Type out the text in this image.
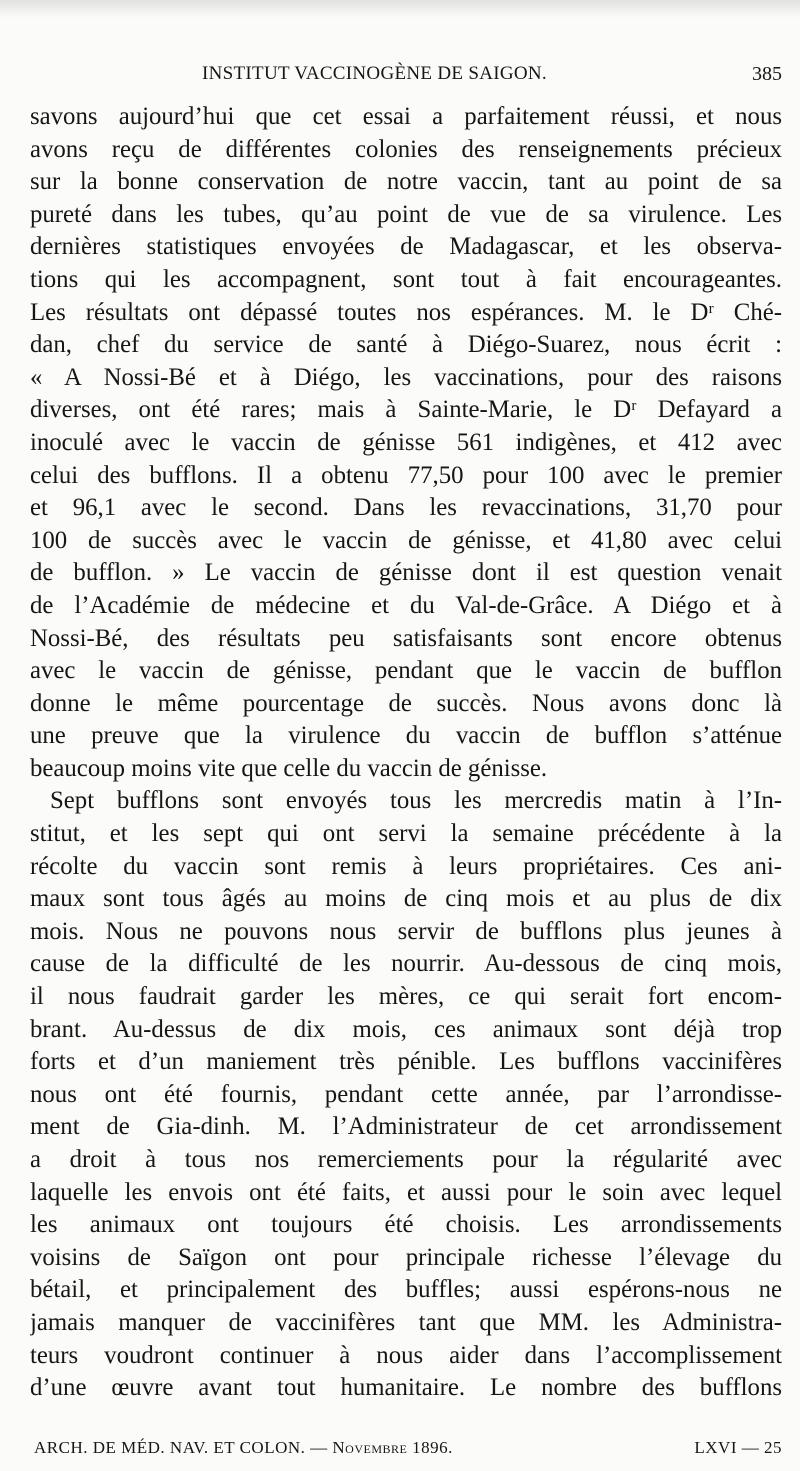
INSTITUT VACCINOGÈNE DE SAIGON.	385
savons aujourd’hui que cet essai a parfaitement réussi, et nous
avons reçu de différentes colonies des renseignements précieux
sur la bonne conservation de notre vaccin, tant au point de sa
pureté dans les tubes, qu’au point de vue de sa virulence. Les
dernières statistiques envoyées de Madagascar, et les observa-
tions qui les accompagnent, sont tout à fait encourageantes.
Les résultats ont dépassé toutes nos espérances. M. le Dʳ Ché-
dan, chef du service de santé à Diégo-Suarez, nous écrit :
« A Nossi-Bé et à Diégo, les vaccinations, pour des raisons
diverses, ont été rares; mais à Sainte-Marie, le Dʳ Defayard a
inoculé avec le vaccin de génisse 561 indigènes, et 412 avec
celui des bufflons. Il a obtenu 77,50 pour 100 avec le premier
et 96,1 avec le second. Dans les revaccinations, 31,70 pour
100 de succès avec le vaccin de génisse, et 41,80 avec celui
de bufflon. » Le vaccin de génisse dont il est question venait
de l’Académie de médecine et du Val-de-Grâce. A Diégo et à
Nossi-Bé, des résultats peu satisfaisants sont encore obtenus
avec le vaccin de génisse, pendant que le vaccin de bufflon
donne le même pourcentage de succès. Nous avons donc là
une preuve que la virulence du vaccin de bufflon s’atténue
beaucoup moins vite que celle du vaccin de génisse.
Sept bufflons sont envoyés tous les mercredis matin à l’In-
stitut, et les sept qui ont servi la semaine précédente à la
récolte du vaccin sont remis à leurs propriétaires. Ces ani-
maux sont tous âgés au moins de cinq mois et au plus de dix
mois. Nous ne pouvons nous servir de bufflons plus jeunes à
cause de la difficulté de les nourrir. Au-dessous de cinq mois,
il nous faudrait garder les mères, ce qui serait fort encom-
brant. Au-dessus de dix mois, ces animaux sont déjà trop
forts et d’un maniement très pénible. Les bufflons vaccinifères
nous ont été fournis, pendant cette année, par l’arrondisse-
ment de Gia-dinh. M. l’Administrateur de cet arrondissement
a droit à tous nos remerciements pour la régularité avec
laquelle les envois ont été faits, et aussi pour le soin avec lequel
les animaux ont toujours été choisis. Les arrondissements
voisins de Saïgon ont pour principale richesse l’élevage du
bétail, et principalement des buffles; aussi espérons-nous ne
jamais manquer de vaccinifères tant que MM. les Administra-
teurs voudront continuer à nous aider dans l’accomplissement
d’une œuvre avant tout humanitaire. Le nombre des bufflons
ARCH. DE MÉD. NAV. ET COLON. — Novembre 1896.	LXVI — 25
